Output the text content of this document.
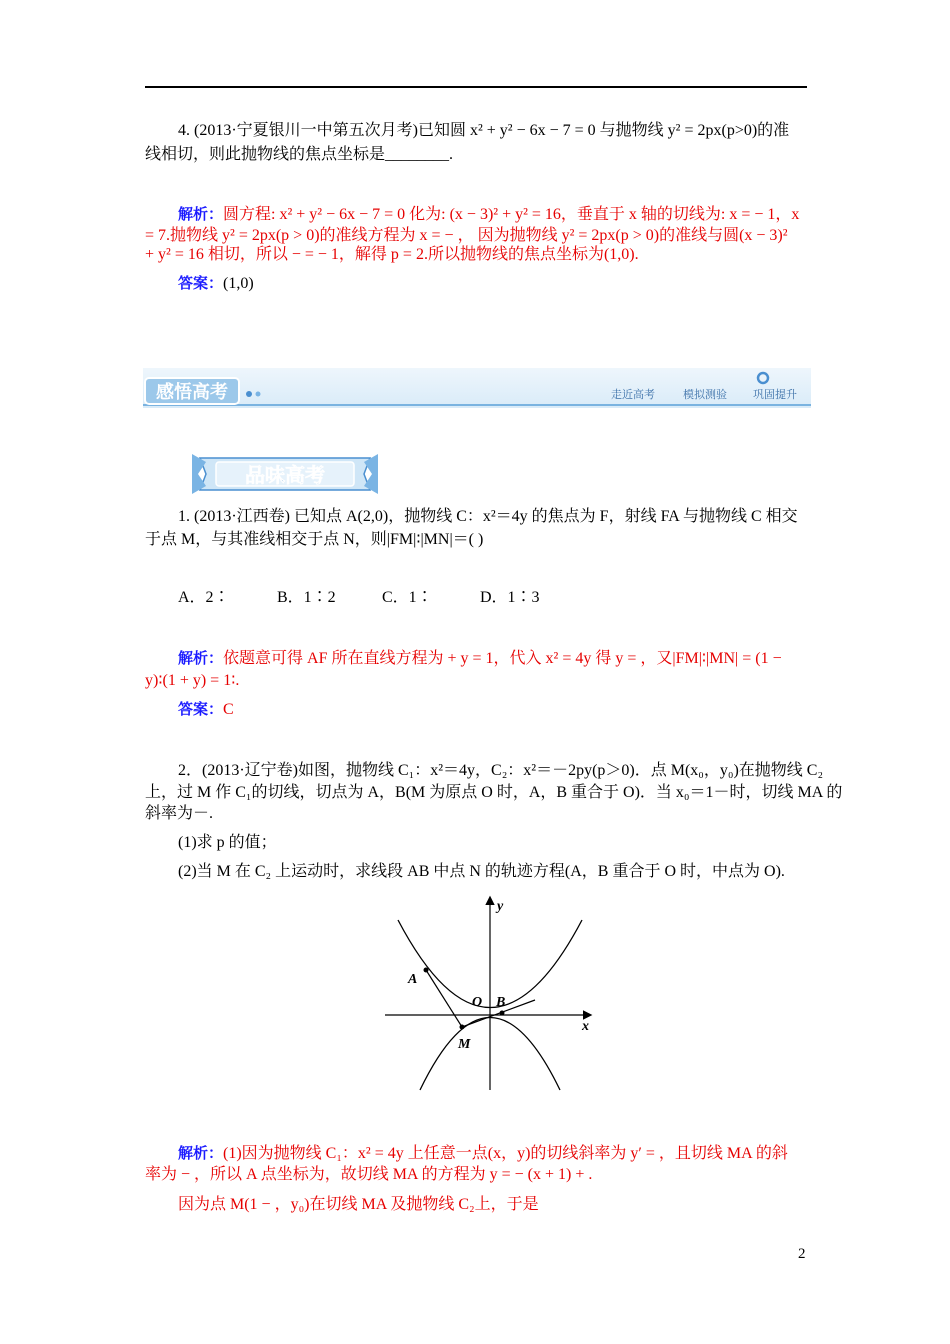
4. (2013·宁夏银川一中第五次月考)已知圆 x² + y² − 6x − 7 = 0 与抛物线 y² = 2px(p>0)的准
线相切，则此抛物线的焦点坐标是________.
解析：圆方程: x² + y² − 6x − 7 = 0 化为: (x − 3)² + y² = 16，垂直于 x 轴的切线为: x = − 1，x
= 7.抛物线 y² = 2px(p > 0)的准线方程为 x = − ， 因为抛物线 y² = 2px(p > 0)的准线与圆(x − 3)²
+ y² = 16 相切，所以 − = − 1，解得 p = 2.所以抛物线的焦点坐标为(1,0).
答案：(1,0)
感悟高考	走近高考	模拟测验 巩固提升
品味高考
1. (2013·江西卷) 已知点 A(2,0)，抛物线 C：x²＝4y 的焦点为 F，射线 FA 与抛物线 C 相交
于点 M，与其准线相交于点 N，则|FM|∶|MN|＝( )
A．2∶	B．1∶2	C．1∶	D．1∶3
解析：依题意可得 AF 所在直线方程为 + y = 1，代入 x² = 4y 得 y = ，又|FM|∶|MN| = (1 −
y)∶(1 + y) = 1∶.
答案：C
2．(2013·辽宁卷)如图，抛物线 C₁：x²＝4y，C₂：x²＝－2py(p＞0)．点 M(x₀，y₀)在抛物线 C₂
上，过 M 作 C₁的切线，切点为 A，B(M 为原点 O 时，A，B 重合于 O)．当 x₀＝1－时，切线 MA 的
斜率为－.
(1)求 p 的值；
(2)当 M 在 C₂ 上运动时，求线段 AB 中点 N 的轨迹方程(A，B 重合于 O 时，中点为 O).
y
x
A
O B
M
解析：(1)因为抛物线 C₁：x² = 4y 上任意一点(x，y)的切线斜率为 y′ = ，且切线 MA 的斜
率为 − ，所以 A 点坐标为，故切线 MA 的方程为 y = − (x + 1) + .
因为点 M(1 − ，y₀)在切线 MA 及抛物线 C₂上，于是
2
